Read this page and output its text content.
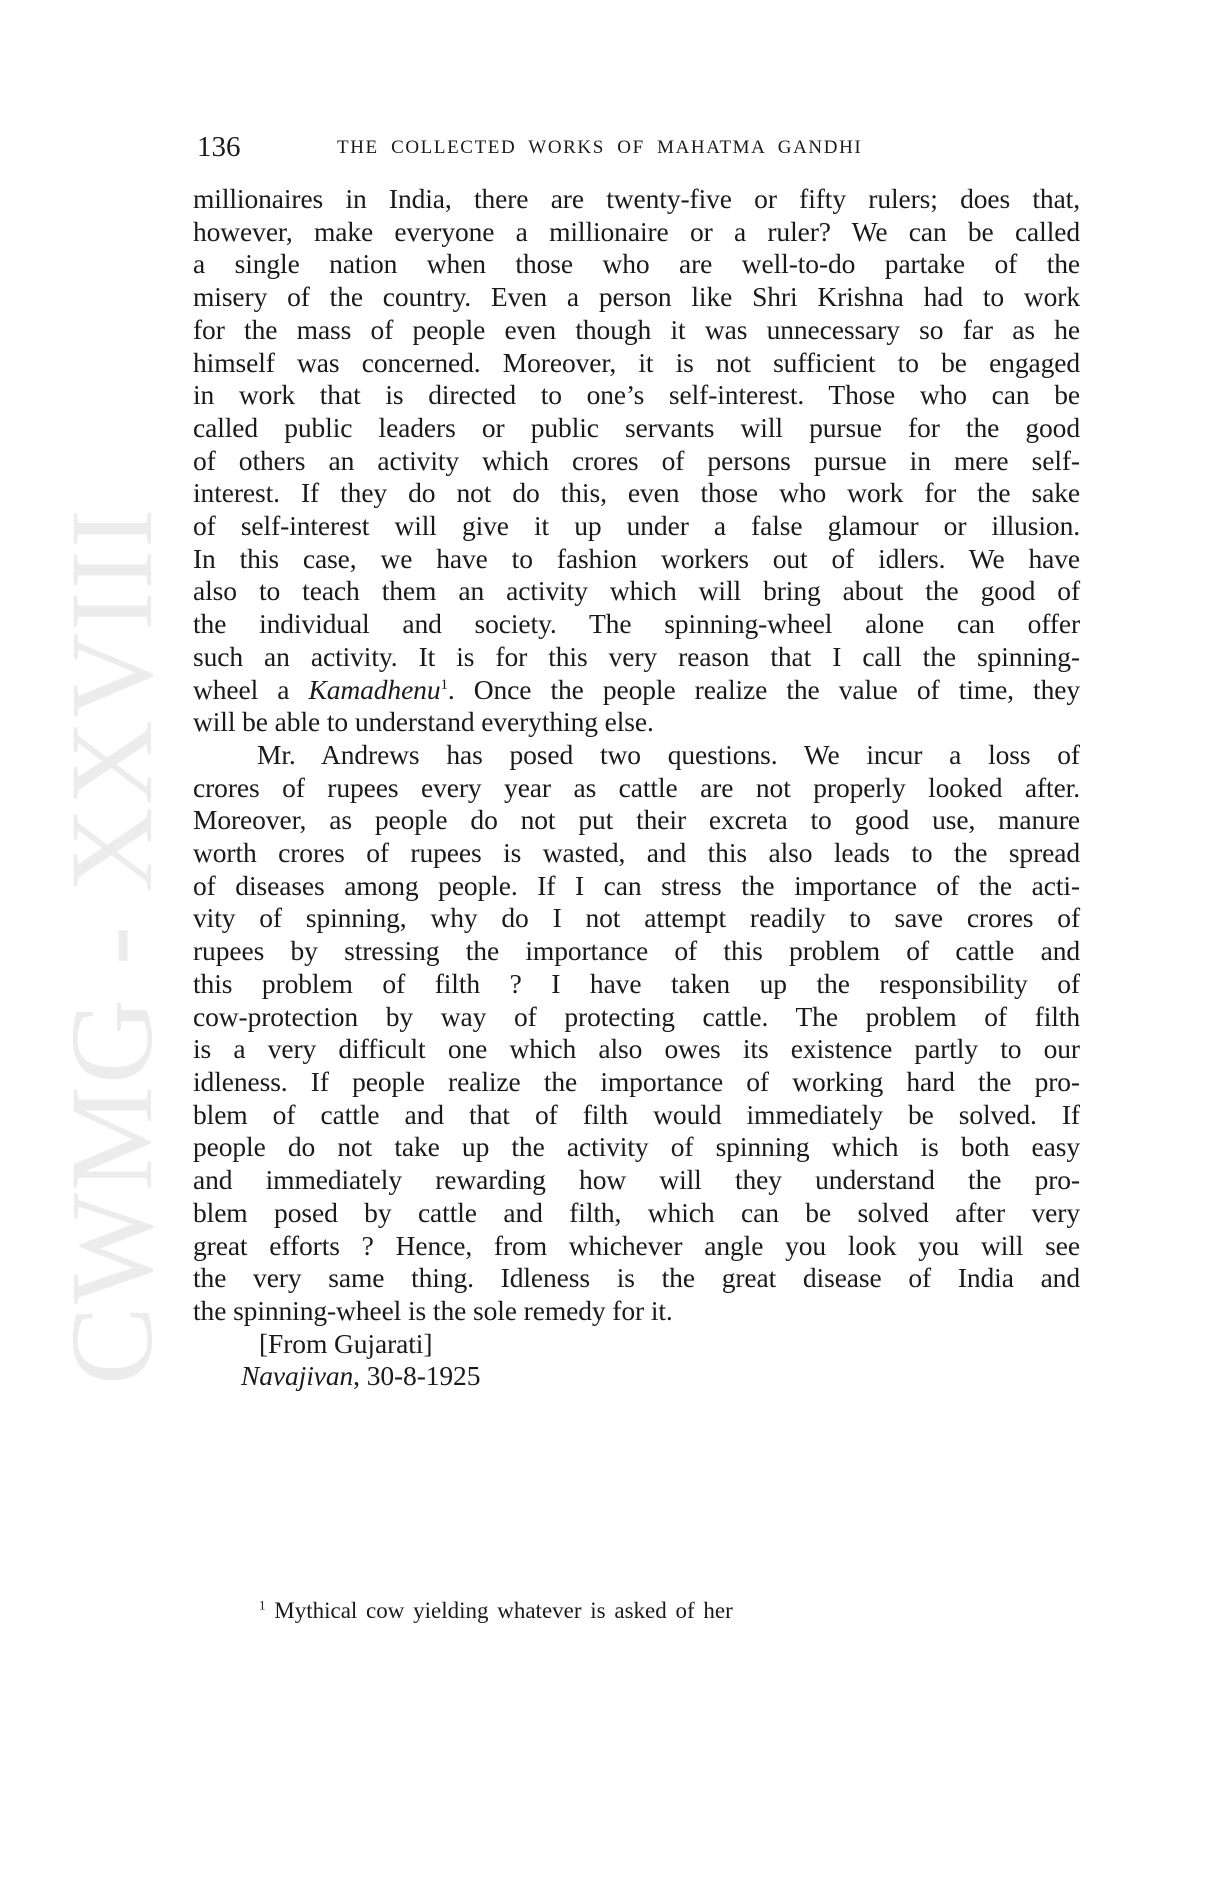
CWMG - XXVIII
136	THE COLLECTED WORKS OF MAHATMA GANDHI
millionaires in India, there are twenty-five or fifty rulers; does that,
however, make everyone a millionaire or a ruler? We can be called
a single nation when those who are well-to-do partake of the
misery of the country. Even a person like Shri Krishna had to work
for the mass of people even though it was unnecessary so far as he
himself was concerned. Moreover, it is not sufficient to be engaged
in work that is directed to one’s self-interest. Those who can be
called public leaders or public servants will pursue for the good
of others an activity which crores of persons pursue in mere self-
interest. If they do not do this, even those who work for the sake
of self-interest will give it up under a false glamour or illusion.
In this case, we have to fashion workers out of idlers. We have
also to teach them an activity which will bring about the good of
the individual and society. The spinning-wheel alone can offer
such an activity. It is for this very reason that I call the spinning-
wheel a Kamadhenu$^1$. Once the people realize the value of time, they
will be able to understand everything else.
Mr. Andrews has posed two questions. We incur a loss of
crores of rupees every year as cattle are not properly looked after.
Moreover, as people do not put their excreta to good use, manure
worth crores of rupees is wasted, and this also leads to the spread
of diseases among people. If I can stress the importance of the acti-
vity of spinning, why do I not attempt readily to save crores of
rupees by stressing the importance of this problem of cattle and
this problem of filth ? I have taken up the responsibility of
cow-protection by way of protecting cattle. The problem of filth
is a very difficult one which also owes its existence partly to our
idleness. If people realize the importance of working hard the pro-
blem of cattle and that of filth would immediately be solved. If
people do not take up the activity of spinning which is both easy
and immediately rewarding how will they understand the pro-
blem posed by cattle and filth, which can be solved after very
great efforts ? Hence, from whichever angle you look you will see
the very same thing. Idleness is the great disease of India and
the spinning-wheel is the sole remedy for it.
[From Gujarati]
Navajivan, 30-8-1925
$^1$ Mythical cow yielding whatever is asked of her
